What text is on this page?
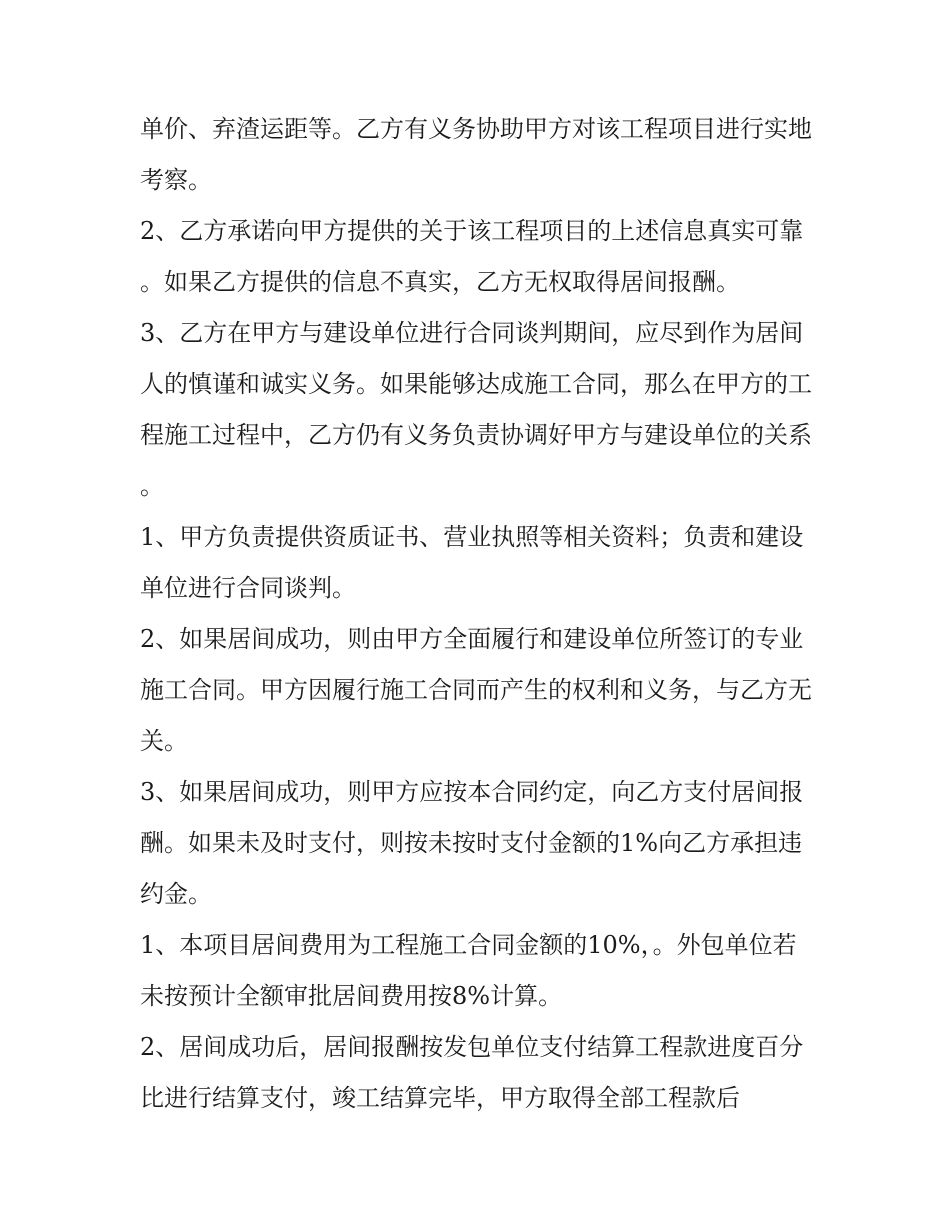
单价、弃渣运距等。乙方有义务协助甲方对该工程项目进行实地考察。

2、乙方承诺向甲方提供的关于该工程项目的上述信息真实可靠。如果乙方提供的信息不真实，乙方无权取得居间报酬。

3、乙方在甲方与建设单位进行合同谈判期间，应尽到作为居间人的慎谨和诚实义务。如果能够达成施工合同，那么在甲方的工程施工过程中，乙方仍有义务负责协调好甲方与建设单位的关系。

1、甲方负责提供资质证书、营业执照等相关资料；负责和建设单位进行合同谈判。

2、如果居间成功，则由甲方全面履行和建设单位所签订的专业施工合同。甲方因履行施工合同而产生的权利和义务，与乙方无关。

3、如果居间成功，则甲方应按本合同约定，向乙方支付居间报酬。如果未及时支付，则按未按时支付金额的1%向乙方承担违约金。

1、本项目居间费用为工程施工合同金额的10%，。外包单位若未按预计全额审批居间费用按8%计算。

2、居间成功后，居间报酬按发包单位支付结算工程款进度百分比进行结算支付，竣工结算完毕，甲方取得全部工程款后
